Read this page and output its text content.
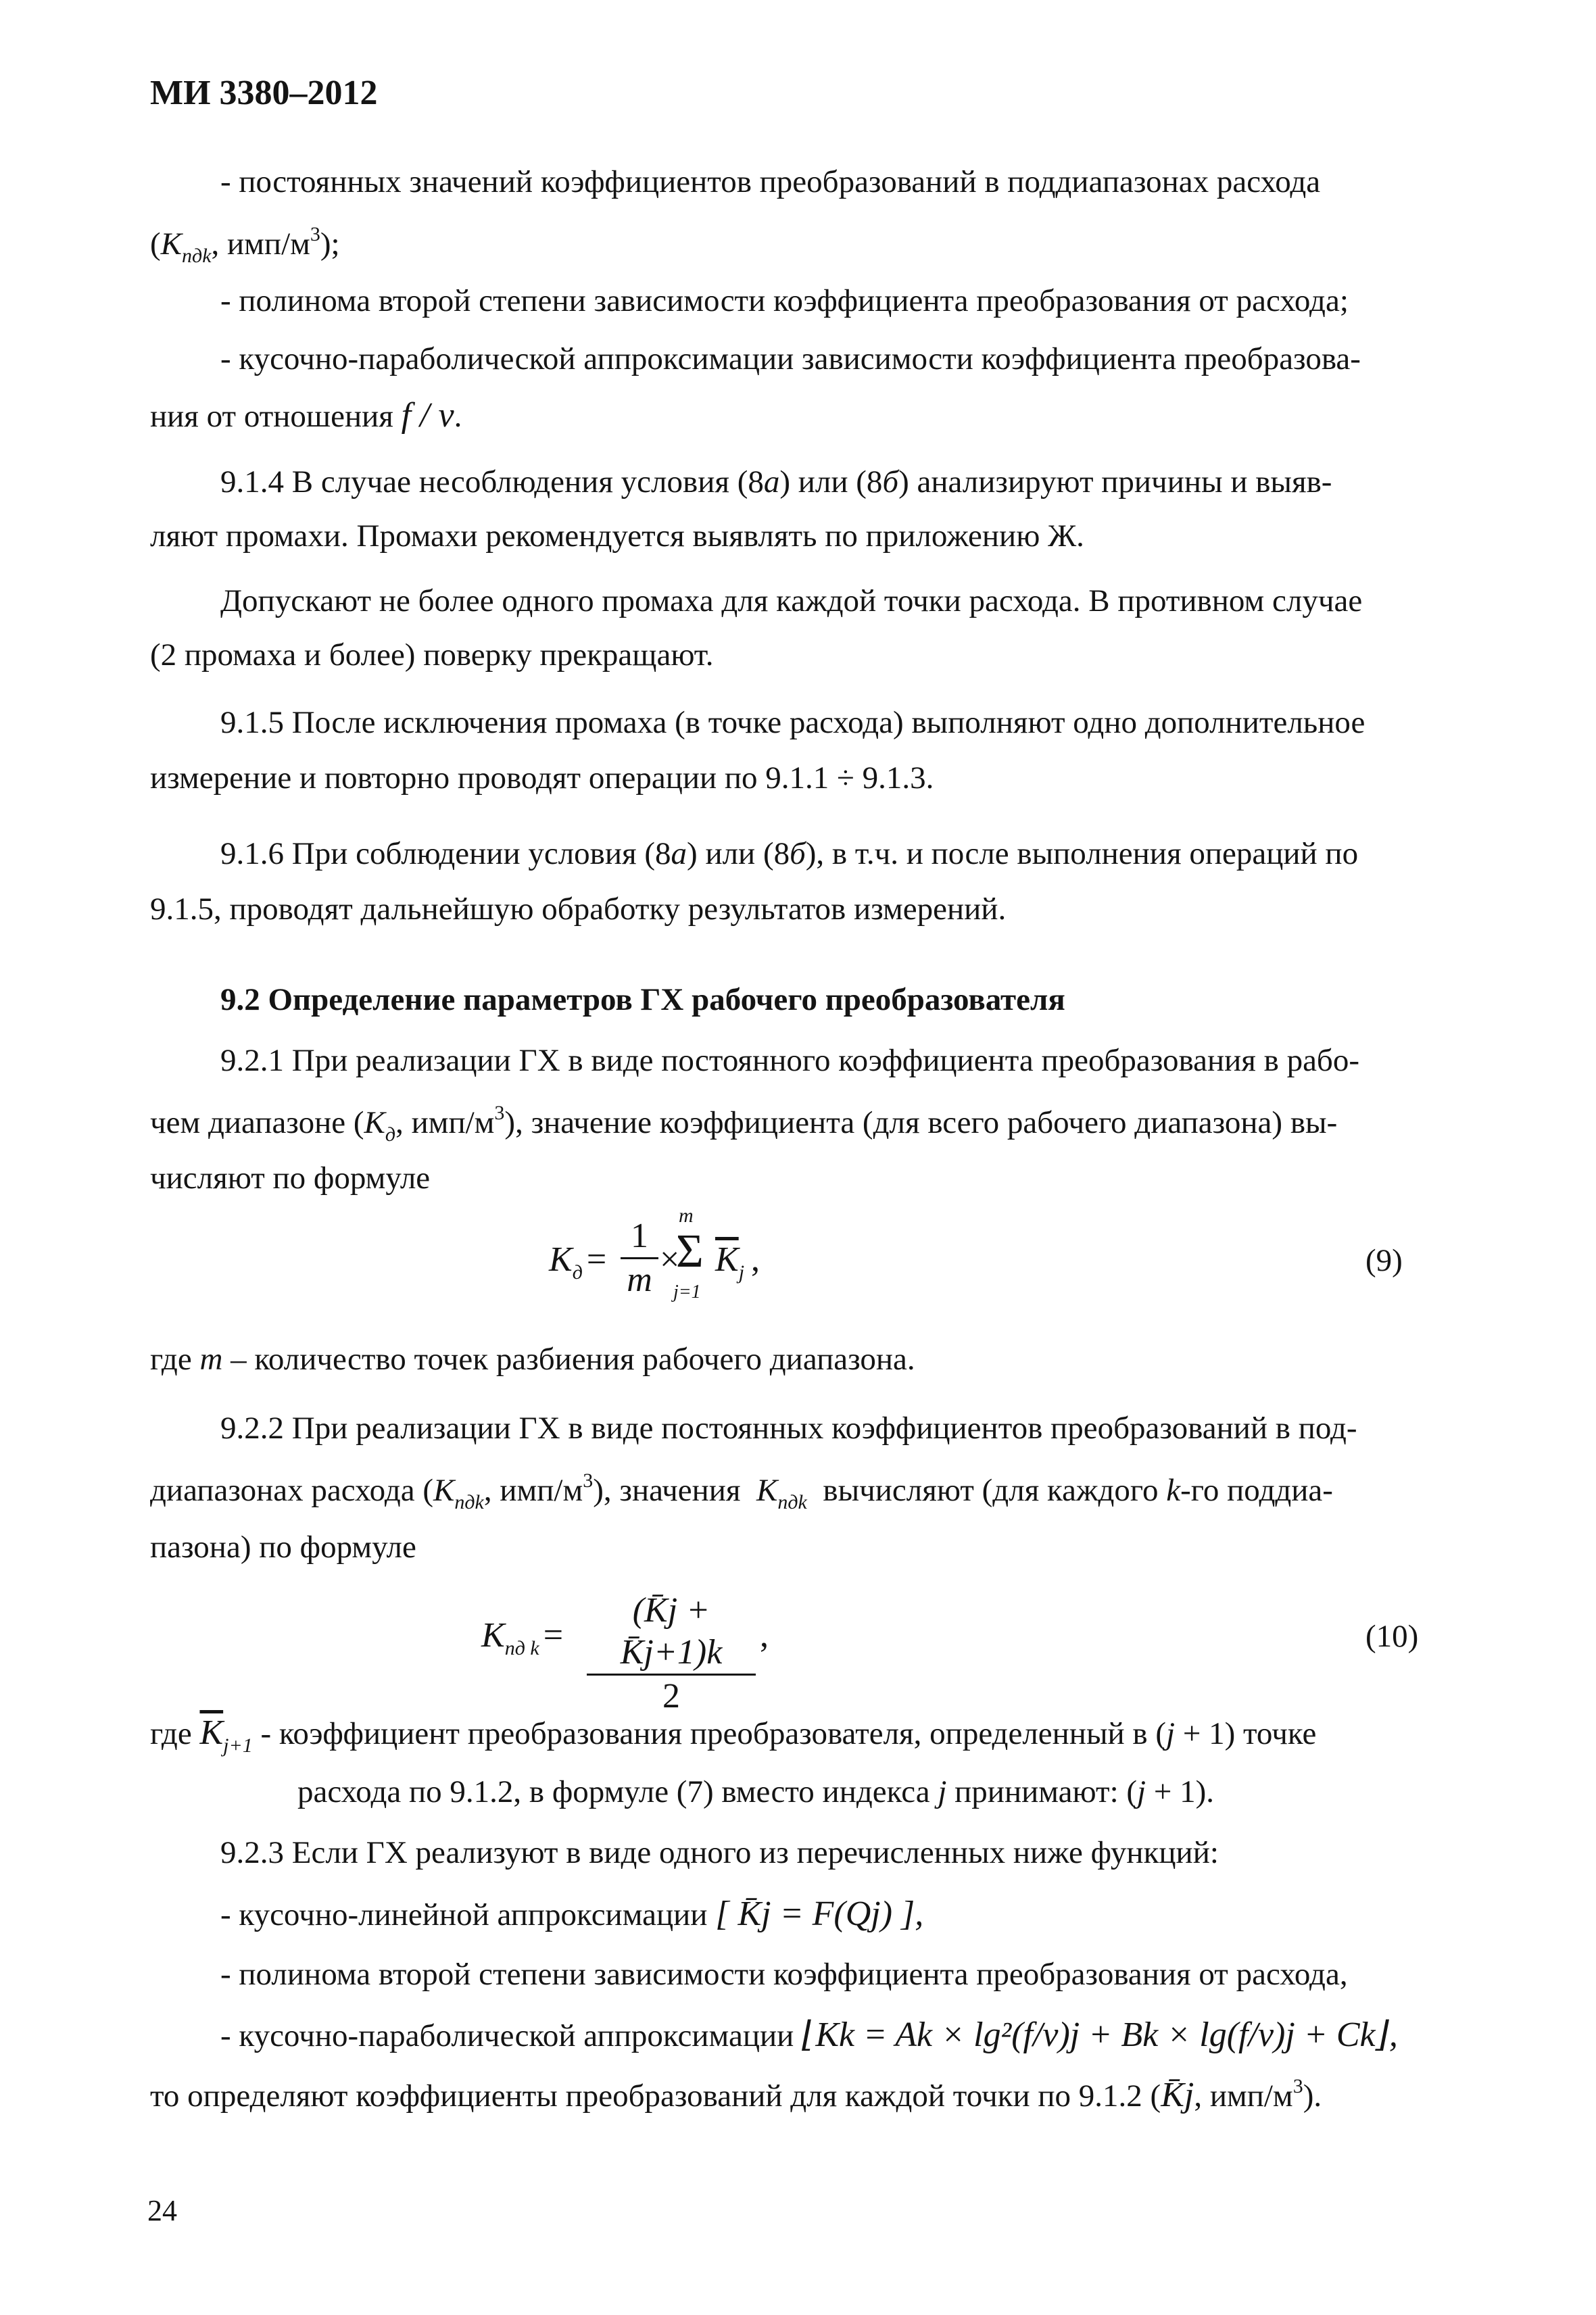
МИ 3380–2012
- постоянных значений коэффициентов преобразований в поддиапазонах расхода
($K_{пдk}$, имп/$м^3$);
- полинома второй степени зависимости коэффициента преобразования от расхода;
- кусочно-параболической аппроксимации зависимости коэффициента преобразова-
ния от отношения f / ν.
9.1.4 В случае несоблюдения условия (8а) или (8б) анализируют причины и выяв-
ляют промахи. Промахи рекомендуется выявлять по приложению Ж.
Допускают не более одного промаха для каждой точки расхода. В противном случае
(2 промаха и более) поверку прекращают.
9.1.5 После исключения промаха (в точке расхода) выполняют одно дополнительное
измерение и повторно проводят операции по 9.1.1 ÷ 9.1.3.
9.1.6 При соблюдении условия (8а) или (8б), в т.ч. и после выполнения операций по
9.1.5, проводят дальнейшую обработку результатов измерений.
9.2 Определение параметров ГХ рабочего преобразователя
9.2.1 При реализации ГХ в виде постоянного коэффициента преобразования в рабо-
чем диапазоне ($K_д$, имп/$м^3$), значение коэффициента (для всего рабочего диапазона) вы-
числяют по формуле
$K_д = \frac{1}{m}$ ×
m
Σ
j=1
$\overline{K}_j$ ,	(9)
где m – количество точек разбиения рабочего диапазона.
9.2.2 При реализации ГХ в виде постоянных коэффициентов преобразований в под-
диапазонах расхода ($K_{пдk}$, имп/$м^3$), значения $K_{пдk}$ вычисляют (для каждого k-го поддиа-
пазона) по формуле
$K_{пд k} = \frac{(K̄j + K̄j+1)k}{2}$ ,	(10)
где $\overline{K}_{j+1}$ - коэффициент преобразования преобразователя, определенный в (j + 1) точке
расхода по 9.1.2, в формуле (7) вместо индекса j принимают: (j + 1).
9.2.3 Если ГХ реализуют в виде одного из перечисленных ниже функций:
- кусочно-линейной аппроксимации [ K̄j = F(Qj) ],
- полинома второй степени зависимости коэффициента преобразования от расхода,
- кусочно-параболической аппроксимации ⌊Kk = Ak × lg²(f/ν)j + Bk × lg(f/ν)j + Ck⌋,
то определяют коэффициенты преобразований для каждой точки по 9.1.2 (K̄j, имп/$м^3$).
24
